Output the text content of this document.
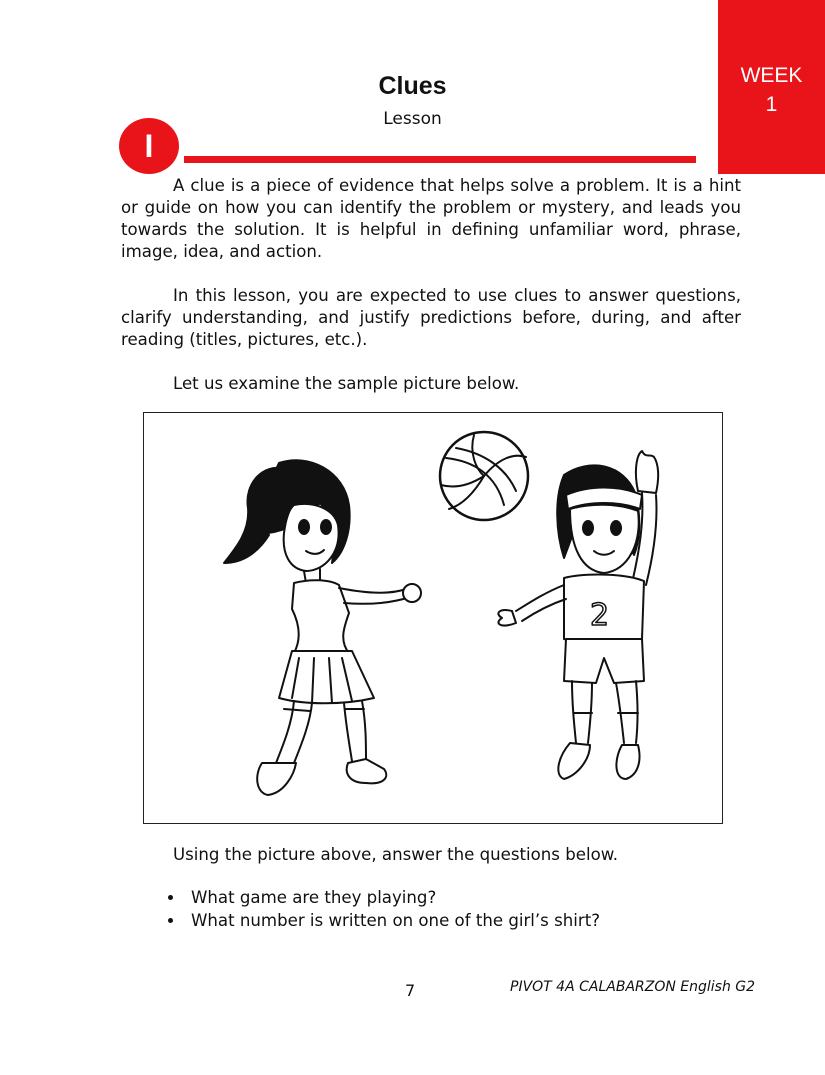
WEEK
1
Clues
Lesson
I

A clue is a piece of evidence that helps solve a problem. It is a hint or guide on how you can identify the problem or mystery, and leads you towards the solution. It is helpful in defining unfamiliar word, phrase, image, idea, and action.

In this lesson, you are expected to use clues to answer questions, clarify understanding, and justify predictions before, during, and after reading (titles, pictures, etc.).

Let us examine the sample picture below.

2

Using the picture above, answer the questions below.

What game are they playing?
What number is written on one of the girl’s shirt?
7	PIVOT 4A CALABARZON English G2
